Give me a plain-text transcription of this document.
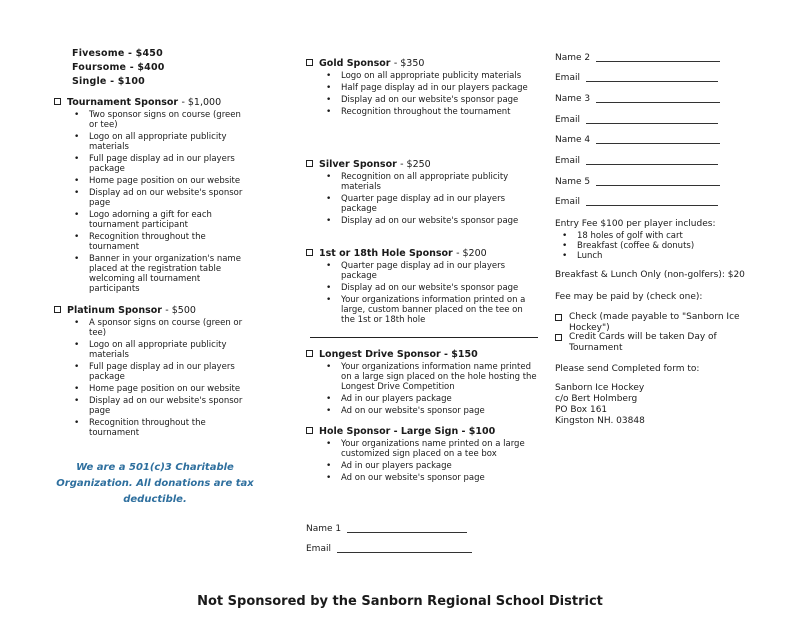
Fivesome - $450
Foursome - $400
Single - $100
Tournament Sponsor - $1,000
• Two sponsor signs on course (green or tee)
• Logo on all appropriate publicity materials
• Full page display ad in our players package
• Home page position on our website
• Display ad on our website's sponsor page
• Logo adorning a gift for each tournament participant
• Recognition throughout the tournament
• Banner in your organization's name placed at the registration table welcoming all tournament participants
Platinum Sponsor - $500
• A sponsor signs on course (green or tee)
• Logo on all appropriate publicity materials
• Full page display ad in our players package
• Home page position on our website
• Display ad on our website's sponsor page
• Recognition throughout the tournament
We are a 501(c)3 Charitable
Organization. All donations are tax
deductible.
Gold Sponsor - $350
• Logo on all appropriate publicity materials
• Half page display ad in our players package
• Display ad on our website's sponsor page
• Recognition throughout the tournament
Silver Sponsor - $250
• Recognition on all appropriate publicity materials
• Quarter page display ad in our players package
• Display ad on our website's sponsor page
1st or 18th Hole Sponsor - $200
• Quarter page display ad in our players package
• Display ad on our website's sponsor page
• Your organizations information printed on a large, custom banner placed on the tee on the 1st or 18th hole
Longest Drive Sponsor - $150
• Your organizations information name printed on a large sign placed on the hole hosting the Longest Drive Competition
• Ad in our players package
• Ad on our website's sponsor page
Hole Sponsor - Large Sign - $100
• Your organizations name printed on a large customized sign placed on a tee box
• Ad in our players package
• Ad on our website's sponsor page
Name 1
Email
Name 2
Email
Name 3
Email
Name 4
Email
Name 5
Email
Entry Fee $100 per player includes:
• 18 holes of golf with cart
• Breakfast (coffee & donuts)
• Lunch
Breakfast & Lunch Only (non-golfers): $20
Fee may be paid by (check one):
Check (made payable to "Sanborn Ice Hockey")
Credit Cards will be taken Day of Tournament
Please send Completed form to:
Sanborn Ice Hockey
c/o Bert Holmberg
PO Box 161
Kingston NH. 03848
Not Sponsored by the Sanborn Regional School District
